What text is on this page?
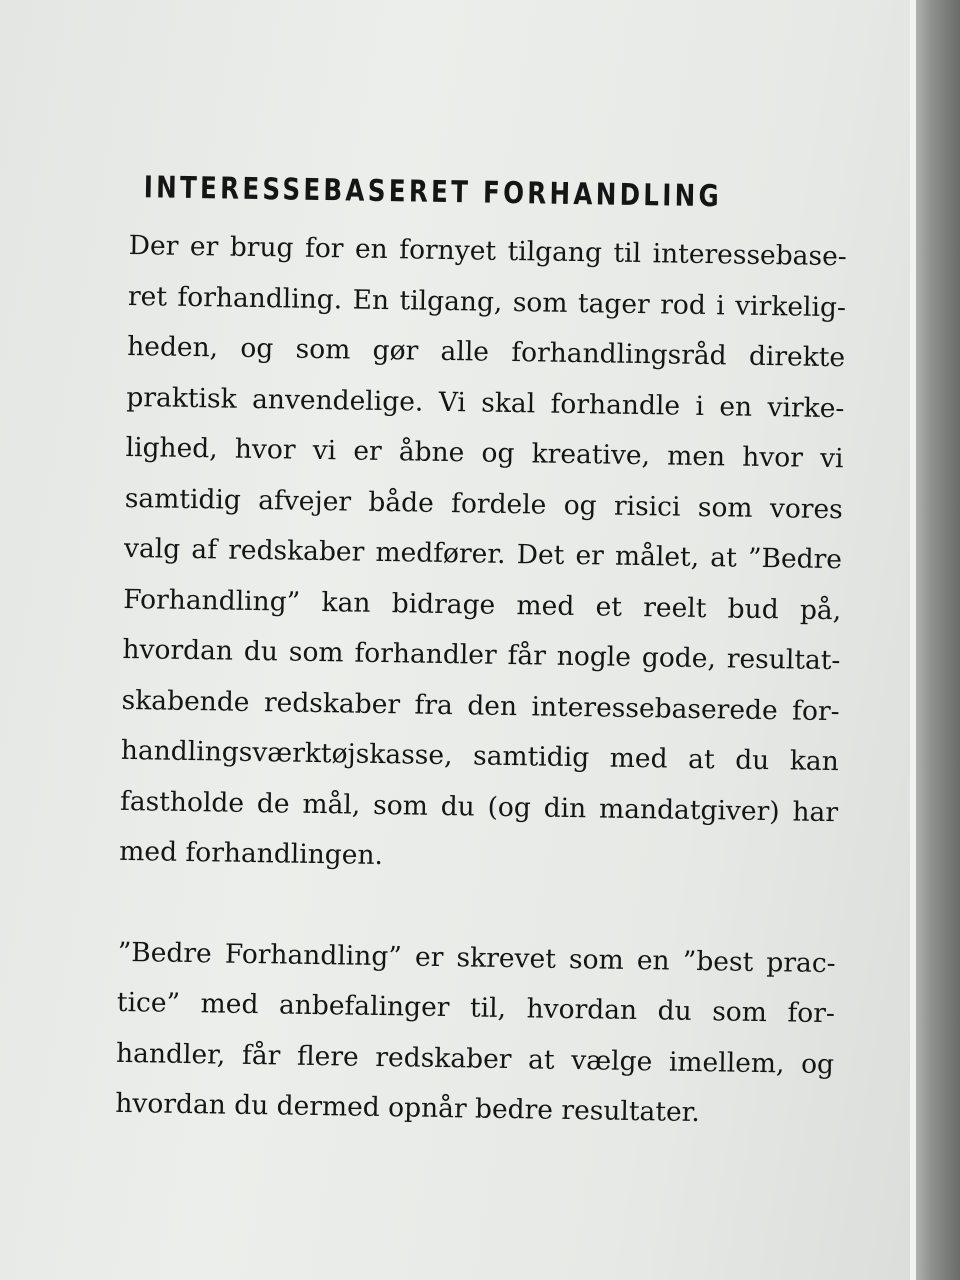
INTERESSEBASERET FORHANDLING
Der er brug for en fornyet tilgang til interessebase-
ret forhandling. En tilgang, som tager rod i virkelig-
heden, og som gør alle forhandlingsråd direkte
praktisk anvendelige. Vi skal forhandle i en virke-
lighed, hvor vi er åbne og kreative, men hvor vi
samtidig afvejer både fordele og risici som vores
valg af redskaber medfører. Det er målet, at ”Bedre
Forhandling” kan bidrage med et reelt bud på,
hvordan du som forhandler får nogle gode, resultat-
skabende redskaber fra den interessebaserede for-
handlingsværktøjskasse, samtidig med at du kan
fastholde de mål, som du (og din mandatgiver) har
med forhandlingen.
”Bedre Forhandling” er skrevet som en ”best prac-
tice” med anbefalinger til, hvordan du som for-
handler, får flere redskaber at vælge imellem, og
hvordan du dermed opnår bedre resultater.
